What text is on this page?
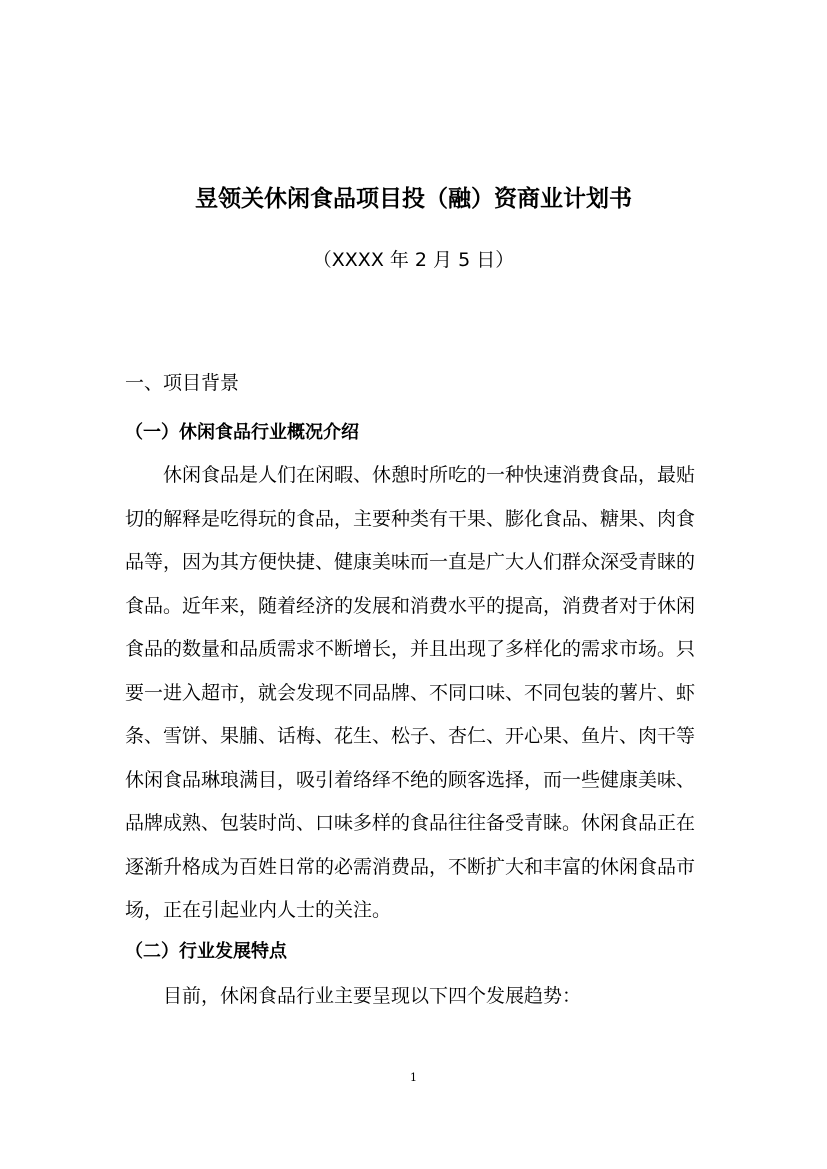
昱领关休闲食品项目投（融）资商业计划书
（XXXX 年 2 月 5 日）
一、项目背景
（一）休闲食品行业概况介绍
休闲食品是人们在闲暇、休憩时所吃的一种快速消费食品，最贴
切的解释是吃得玩的食品，主要种类有干果、膨化食品、糖果、肉食
品等，因为其方便快捷、健康美味而一直是广大人们群众深受青睐的
食品。近年来，随着经济的发展和消费水平的提高，消费者对于休闲
食品的数量和品质需求不断增长，并且出现了多样化的需求市场。只
要一进入超市，就会发现不同品牌、不同口味、不同包装的薯片、虾
条、雪饼、果脯、话梅、花生、松子、杏仁、开心果、鱼片、肉干等
休闲食品琳琅满目，吸引着络绎不绝的顾客选择，而一些健康美味、
品牌成熟、包装时尚、口味多样的食品往往备受青睐。休闲食品正在
逐渐升格成为百姓日常的必需消费品，不断扩大和丰富的休闲食品市
场，正在引起业内人士的关注。
（二）行业发展特点
目前，休闲食品行业主要呈现以下四个发展趋势：
1
